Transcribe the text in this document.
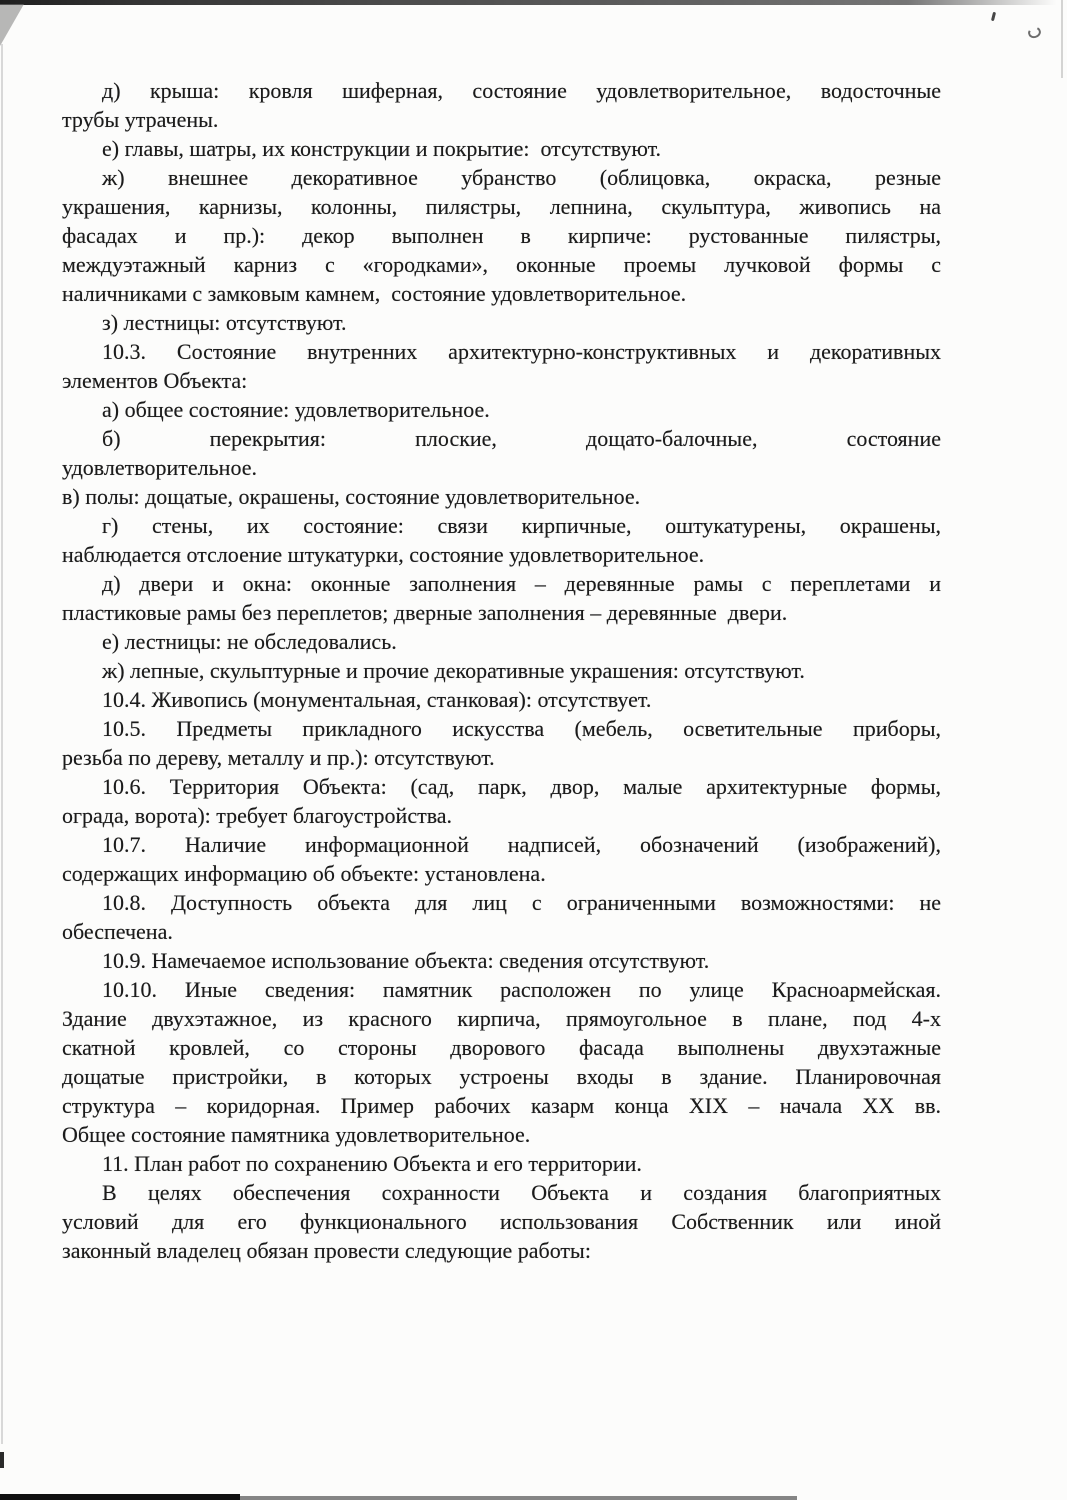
д) крыша: кровля шиферная, состояние удовлетворительное, водосточные
трубы утрачены.
е) главы, шатры, их конструкции и покрытие:  отсутствуют.
ж) внешнее декоративное убранство (облицовка, окраска, резные
украшения, карнизы, колонны, пилястры, лепнина, скульптура, живопись на
фасадах и пр.): декор выполнен в кирпиче: рустованные пилястры,
междуэтажный карниз с «городками», оконные проемы лучковой формы с
наличниками с замковым камнем,  состояние удовлетворительное.
з) лестницы: отсутствуют.
10.3. Состояние внутренних архитектурно-конструктивных и декоративных
элементов Объекта:
а) общее состояние: удовлетворительное.
б) перекрытия: плоские, дощато-балочные, состояние
удовлетворительное.
в) полы: дощатые, окрашены, состояние удовлетворительное.
г) стены, их состояние: связи кирпичные, оштукатурены, окрашены,
наблюдается отслоение штукатурки, состояние удовлетворительное.
д) двери и окна: оконные заполнения – деревянные рамы с переплетами и
пластиковые рамы без переплетов; дверные заполнения – деревянные  двери.
е) лестницы: не обследовались.
ж) лепные, скульптурные и прочие декоративные украшения: отсутствуют.
10.4. Живопись (монументальная, станковая): отсутствует.
10.5. Предметы прикладного искусства (мебель, осветительные приборы,
резьба по дереву, металлу и пр.): отсутствуют.
10.6. Территория Объекта: (сад, парк, двор, малые архитектурные формы,
ограда, ворота): требует благоустройства.
10.7. Наличие информационной надписей, обозначений (изображений),
содержащих информацию об объекте: установлена.
10.8. Доступность объекта для лиц с ограниченными возможностями: не
обеспечена.
10.9. Намечаемое использование объекта: сведения отсутствуют.
10.10. Иные сведения: памятник расположен по улице Красноармейская.
Здание двухэтажное, из красного кирпича, прямоугольное в плане, под 4-х
скатной кровлей, со стороны дворового фасада выполнены двухэтажные
дощатые пристройки, в которых устроены входы в здание. Планировочная
структура – коридорная. Пример рабочих казарм конца XIX – начала XX вв.
Общее состояние памятника удовлетворительное.
11. План работ по сохранению Объекта и его территории.
В целях обеспечения сохранности Объекта и создания благоприятных
условий для его функционального использования Собственник или иной
законный владелец обязан провести следующие работы:
